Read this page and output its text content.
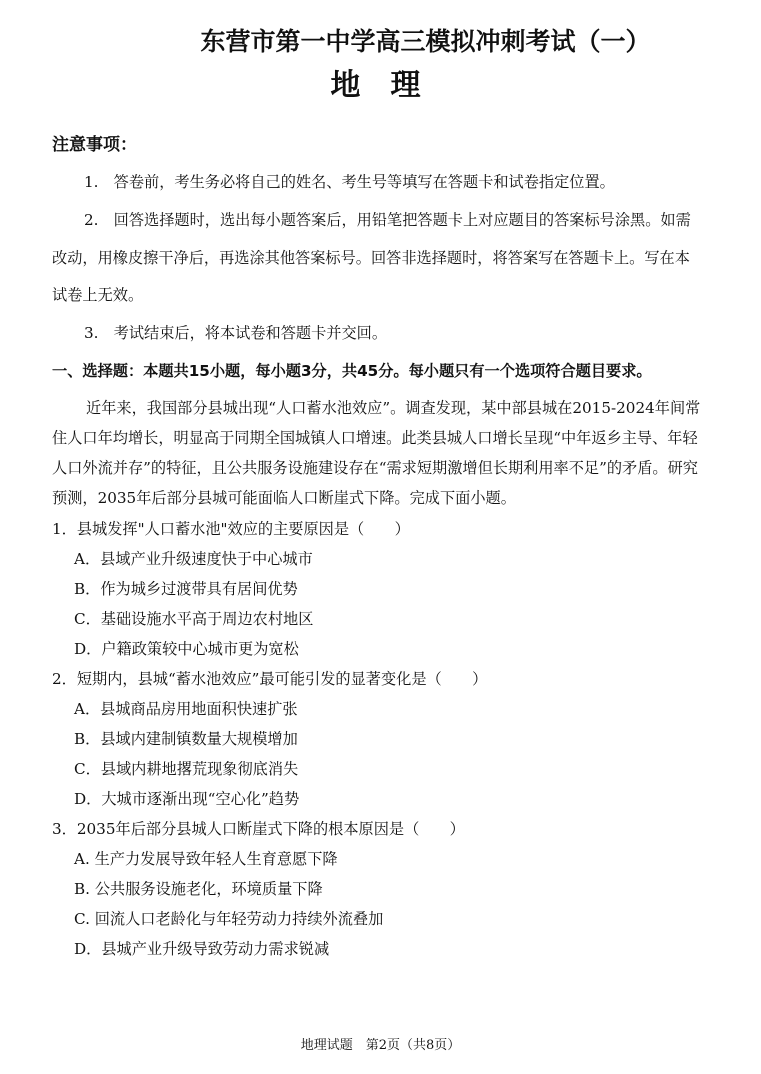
东营市第一中学高三模拟冲刺考试（一）
地理
注意事项：
1.　答卷前，考生务必将自己的姓名、考生号等填写在答题卡和试卷指定位置。
2.　回答选择题时，选出每小题答案后，用铅笔把答题卡上对应题目的答案标号涂黑。如需
改动，用橡皮擦干净后，再选涂其他答案标号。回答非选择题时，将答案写在答题卡上。写在本
试卷上无效。
3.　考试结束后，将本试卷和答题卡并交回。
一、选择题：本题共15小题，每小题3分，共45分。每小题只有一个选项符合题目要求。
近年来，我国部分县城出现“人口蓄水池效应”。调查发现，某中部县城在2015-2024年间常
住人口年均增长，明显高于同期全国城镇人口增速。此类县城人口增长呈现“中年返乡主导、年轻
人口外流并存”的特征，且公共服务设施建设存在“需求短期激增但长期利用率不足”的矛盾。研究
预测，2035年后部分县城可能面临人口断崖式下降。完成下面小题。
1．县城发挥"人口蓄水池"效应的主要原因是（　　）
A．县域产业升级速度快于中心城市
B．作为城乡过渡带具有居间优势
C．基础设施水平高于周边农村地区
D．户籍政策较中心城市更为宽松
2．短期内，县城“蓄水池效应”最可能引发的显著变化是（　　）
A．县城商品房用地面积快速扩张
B．县域内建制镇数量大规模增加
C．县域内耕地撂荒现象彻底消失
D．大城市逐渐出现“空心化”趋势
3．2035年后部分县城人口断崖式下降的根本原因是（　　）
A. 生产力发展导致年轻人生育意愿下降
B. 公共服务设施老化，环境质量下降
C. 回流人口老龄化与年轻劳动力持续外流叠加
D．县城产业升级导致劳动力需求锐减
地理试题　第2页（共8页）
